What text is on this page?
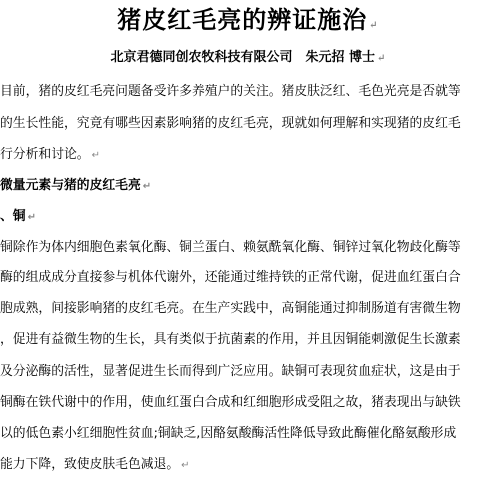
猪皮红毛亮的辨证施治 ↵
北京君德同创农牧科技有限公司　朱元招 博士 ↵
目前，猪的皮红毛亮问题备受许多养殖户的关注。猪皮肤泛红、毛色光亮是否就等
的生长性能，究竟有哪些因素影响猪的皮红毛亮，现就如何理解和实现猪的皮红毛
行分析和讨论。 ↵
微量元素与猪的皮红毛亮 ↵
、铜 ↵
铜除作为体内细胞色素氧化酶、铜兰蛋白、赖氨酰氧化酶、铜锌过氧化物歧化酶等
酶的组成成分直接参与机体代谢外，还能通过维持铁的正常代谢，促进血红蛋白合
胞成熟，间接影响猪的皮红毛亮。在生产实践中，高铜能通过抑制肠道有害微生物
，促进有益微生物的生长，具有类似于抗菌素的作用，并且因铜能刺激促生长激素
及分泌酶的活性，显著促进生长而得到广泛应用。缺铜可表现贫血症状，这是由于
铜酶在铁代谢中的作用，使血红蛋白合成和红细胞形成受阻之故，猪表现出与缺铁
以的低色素小红细胞性贫血;铜缺乏,因酪氨酸酶活性降低导致此酶催化酪氨酸形成
能力下降，致使皮肤毛色减退。 ↵
